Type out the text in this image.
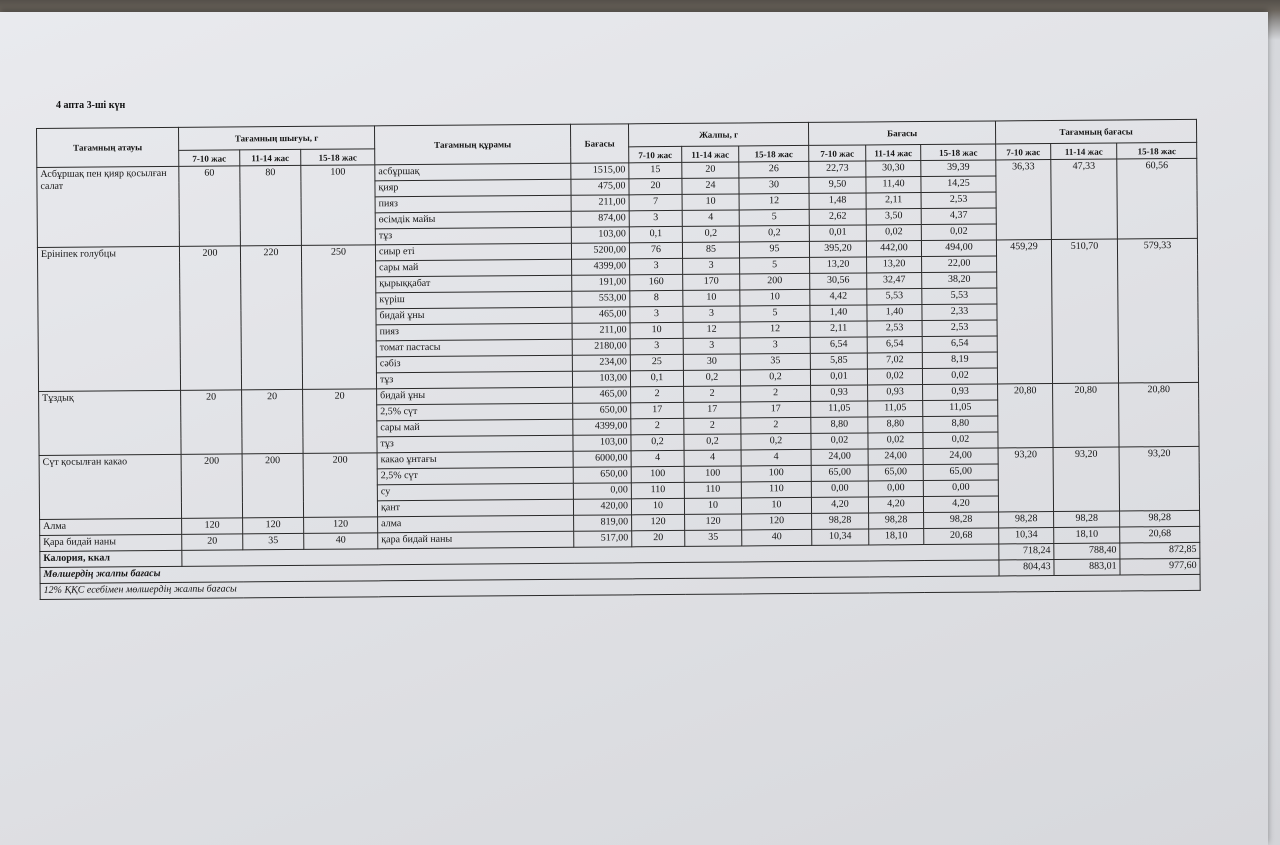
4 апта 3-ші күн
Тағамның атауы	Тағамның шығуы, г			Тағамның құрамы	Бағасы	Жалпы, г			Бағасы			Тағамның бағасы		
	7-10 жас	11-14 жас	15-18 жас			7-10 жас	11-14 жас	15-18 жас	7-10 жас	11-14 жас	15-18 жас	7-10 жас	11-14 жас	15-18 жас
Асбұршақ пен қияр қосылған салат	60	80	100	асбұршақ	1515,00	15	20	26	22,73	30,30	39,39	36,33	47,33	60,56
				қияр	475,00	20	24	30	9,50	11,40	14,25			
				пияз	211,00	7	10	12	1,48	2,11	2,53			
				өсімдік майы	874,00	3	4	5	2,62	3,50	4,37			
				тұз	103,00	0,1	0,2	0,2	0,01	0,02	0,02			
Ерініпек голубцы	200	220	250	сиыр еті	5200,00	76	85	95	395,20	442,00	494,00	459,29	510,70	579,33
				сары май	4399,00	3	3	5	13,20	13,20	22,00			
				қырыққабат	191,00	160	170	200	30,56	32,47	38,20			
				күріш	553,00	8	10	10	4,42	5,53	5,53			
				бидай ұны	465,00	3	3	5	1,40	1,40	2,33			
				пияз	211,00	10	12	12	2,11	2,53	2,53			
				томат пастасы	2180,00	3	3	3	6,54	6,54	6,54			
				сәбіз	234,00	25	30	35	5,85	7,02	8,19			
				тұз	103,00	0,1	0,2	0,2	0,01	0,02	0,02			
Тұздық	20	20	20	бидай ұны	465,00	2	2	2	0,93	0,93	0,93	20,80	20,80	20,80
				2,5% сүт	650,00	17	17	17	11,05	11,05	11,05			
				сары май	4399,00	2	2	2	8,80	8,80	8,80			
				тұз	103,00	0,2	0,2	0,2	0,02	0,02	0,02			
Сүт қосылған какао	200	200	200	какао ұнтағы	6000,00	4	4	4	24,00	24,00	24,00	93,20	93,20	93,20
				2,5% сүт	650,00	100	100	100	65,00	65,00	65,00			
				су	0,00	110	110	110	0,00	0,00	0,00			
				қант	420,00	10	10	10	4,20	4,20	4,20			
Алма	120	120	120	алма	819,00	120	120	120	98,28	98,28	98,28	98,28	98,28	98,28
Қара бидай наны	20	35	40	қара бидай наны	517,00	20	35	40	10,34	18,10	20,68	10,34	18,10	20,68
Калория, ккал												718,24	788,40	872,85
Мөлшердің жалпы бағасы												804,43	883,01	977,60
12% ҚҚС есебімен мөлшердің жалпы бағасы														
